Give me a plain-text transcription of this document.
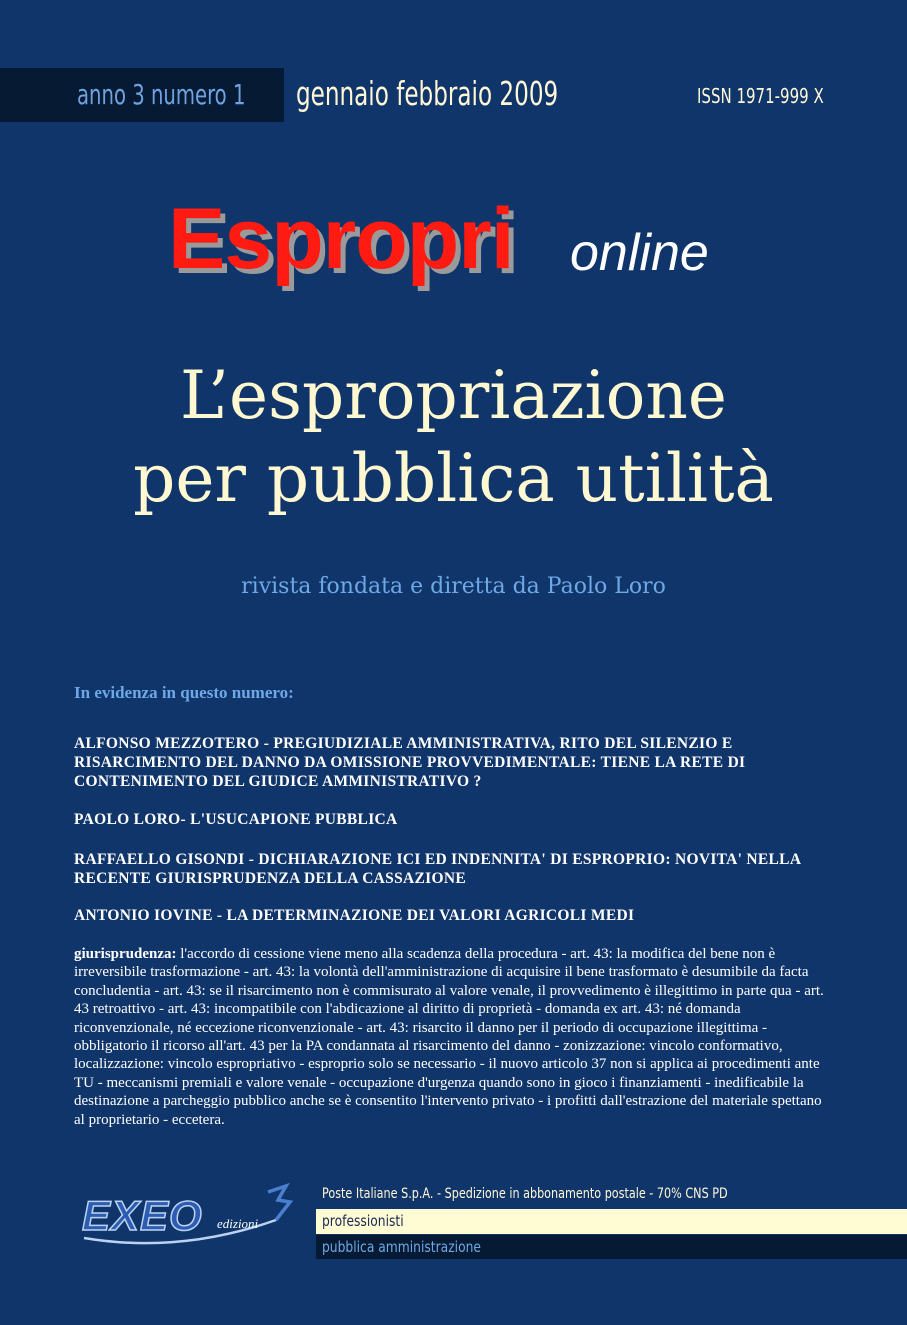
anno 3 numero 1 gennaio febbraio 2009	ISSN 1971-999 X
Espropri online
L’espropriazione
per pubblica utilità
rivista fondata e diretta da Paolo Loro
In evidenza in questo numero:
ALFONSO MEZZOTERO - PREGIUDIZIALE AMMINISTRATIVA, RITO DEL SILENZIO E RISARCIMENTO DEL DANNO DA OMISSIONE PROVVEDIMENTALE: TIENE LA RETE DI CONTENIMENTO DEL GIUDICE AMMINISTRATIVO ?
PAOLO LORO- L'USUCAPIONE PUBBLICA
RAFFAELLO GISONDI - DICHIARAZIONE ICI ED INDENNITA' DI ESPROPRIO: NOVITA' NELLA RECENTE GIURISPRUDENZA DELLA CASSAZIONE
ANTONIO IOVINE - LA DETERMINAZIONE DEI VALORI AGRICOLI MEDI
giurisprudenza: l'accordo di cessione viene meno alla scadenza della procedura - art. 43: la modifica del bene non è irreversibile trasformazione - art. 43: la volontà dell'amministrazione di acquisire il bene trasformato è desumibile da facta concludentia - art. 43: se il risarcimento non è commisurato al valore venale, il provvedimento è illegittimo in parte qua - art. 43 retroattivo - art. 43: incompatibile con l'abdicazione al diritto di proprietà - domanda ex art. 43: né domanda riconvenzionale, né eccezione riconvenzionale - art. 43: risarcito il danno per il periodo di occupazione illegittima - obbligatorio il ricorso all'art. 43 per la PA condannata al risarcimento del danno - zonizzazione: vincolo conformativo, localizzazione: vincolo espropriativo - esproprio solo se necessario - il nuovo articolo 37 non si applica ai procedimenti ante TU - meccanismi premiali e valore venale - occupazione d'urgenza quando sono in gioco i finanziamenti - inedificabile la destinazione a parcheggio pubblico anche se è consentito l'intervento privato - i profitti dall'estrazione del materiale spettano al proprietario - eccetera.
EXEO edizioni
Poste Italiane S.p.A. - Spedizione in abbonamento postale - 70% CNS PD
professionisti
pubblica amministrazione
